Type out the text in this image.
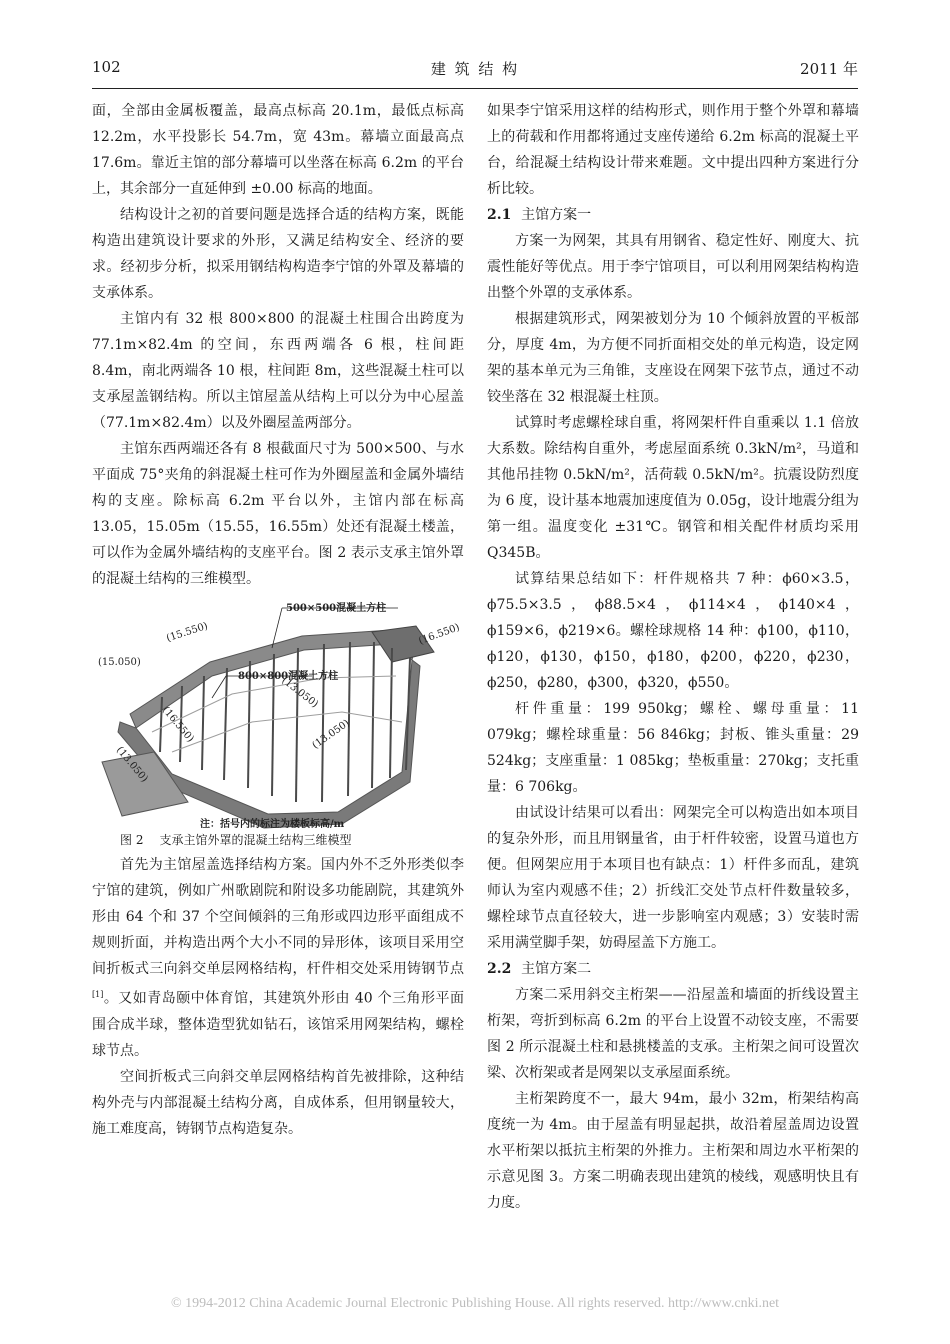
102	建 筑 结 构	2011 年

面，全部由金属板覆盖，最高点标高 20.1m，最低点标高 12.2m，水平投影长 54.7m，宽 43m。幕墙立面最高点 17.6m。靠近主馆的部分幕墙可以坐落在标高 6.2m 的平台上，其余部分一直延伸到 ±0.00 标高的地面。

结构设计之初的首要问题是选择合适的结构方案，既能构造出建筑设计要求的外形，又满足结构安全、经济的要求。经初步分析，拟采用钢结构构造李宁馆的外罩及幕墙的支承体系。

主馆内有 32 根 800×800 的混凝土柱围合出跨度为 77.1m×82.4m 的空间，东西两端各 6 根，柱间距 8.4m，南北两端各 10 根，柱间距 8m，这些混凝土柱可以支承屋盖钢结构。所以主馆屋盖从结构上可以分为中心屋盖（77.1m×82.4m）以及外圈屋盖两部分。

主馆东西两端还各有 8 根截面尺寸为 500×500、与水平面成 75°夹角的斜混凝土柱可作为外圈屋盖和金属外墙结构的支座。除标高 6.2m 平台以外，主馆内部在标高 13.05，15.05m（15.55，16.55m）处还有混凝土楼盖，可以作为金属外墙结构的支座平台。图 2 表示支承主馆外罩的混凝土结构的三维模型。

500×500混凝土方柱
800×800混凝土方柱
(15.550)	(16.550)
(15.050)
(13.050)
(16.550)
(13.050)
(13.050)
注：括号内的标注为楼板标高/m

图 2 支承主馆外罩的混凝土结构三维模型

首先为主馆屋盖选择结构方案。国内外不乏外形类似李宁馆的建筑，例如广州歌剧院和附设多功能剧院，其建筑外形由 64 个和 37 个空间倾斜的三角形或四边形平面组成不规则折面，并构造出两个大小不同的异形体，该项目采用空间折板式三向斜交单层网格结构，杆件相交处采用铸钢节点[1]。又如青岛颐中体育馆，其建筑外形由 40 个三角形平面围合成半球，整体造型犹如钻石，该馆采用网架结构，螺栓球节点。

空间折板式三向斜交单层网格结构首先被排除，这种结构外壳与内部混凝土结构分离，自成体系，但用钢量较大，施工难度高，铸钢节点构造复杂。

如果李宁馆采用这样的结构形式，则作用于整个外罩和幕墙上的荷载和作用都将通过支座传递给 6.2m 标高的混凝土平台，给混凝土结构设计带来难题。文中提出四种方案进行分析比较。

2.1 主馆方案一

方案一为网架，其具有用钢省、稳定性好、刚度大、抗震性能好等优点。用于李宁馆项目，可以利用网架结构构造出整个外罩的支承体系。

根据建筑形式，网架被划分为 10 个倾斜放置的平板部分，厚度 4m，为方便不同折面相交处的单元构造，设定网架的基本单元为三角锥，支座设在网架下弦节点，通过不动铰坐落在 32 根混凝土柱顶。

试算时考虑螺栓球自重，将网架杆件自重乘以 1.1 倍放大系数。除结构自重外，考虑屋面系统 0.3kN/m²，马道和其他吊挂物 0.5kN/m²，活荷载 0.5kN/m²。抗震设防烈度为 6 度，设计基本地震加速度值为 0.05g，设计地震分组为第一组。温度变化 ±31℃。钢管和相关配件材质均采用 Q345B。

试算结果总结如下：杆件规格共 7 种：ϕ60×3.5，ϕ75.5×3.5，ϕ88.5×4，ϕ114×4，ϕ140×4，ϕ159×6，ϕ219×6。螺栓球规格 14 种：ϕ100，ϕ110，ϕ120，ϕ130，ϕ150，ϕ180，ϕ200，ϕ220，ϕ230，ϕ250，ϕ280，ϕ300，ϕ320，ϕ550。

杆件重量：199 950kg；螺栓、螺母重量：11 079kg；螺栓球重量：56 846kg；封板、锥头重量：29 524kg；支座重量：1 085kg；垫板重量：270kg；支托重量：6 706kg。

由试设计结果可以看出：网架完全可以构造出如本项目的复杂外形，而且用钢量省，由于杆件较密，设置马道也方便。但网架应用于本项目也有缺点：1）杆件多而乱，建筑师认为室内观感不佳；2）折线汇交处节点杆件数量较多，螺栓球节点直径较大，进一步影响室内观感；3）安装时需采用满堂脚手架，妨碍屋盖下方施工。

2.2 主馆方案二

方案二采用斜交主桁架——沿屋盖和墙面的折线设置主桁架，弯折到标高 6.2m 的平台上设置不动铰支座，不需要图 2 所示混凝土柱和悬挑楼盖的支承。主桁架之间可设置次梁、次桁架或者是网架以支承屋面系统。

主桁架跨度不一，最大 94m，最小 32m，桁架结构高度统一为 4m。由于屋盖有明显起拱，故沿着屋盖周边设置水平桁架以抵抗主桁架的外推力。主桁架和周边水平桁架的示意见图 3。方案二明确表现出建筑的棱线，观感明快且有力度。

© 1994-2012 China Academic Journal Electronic Publishing House. All rights reserved. http://www.cnki.net
